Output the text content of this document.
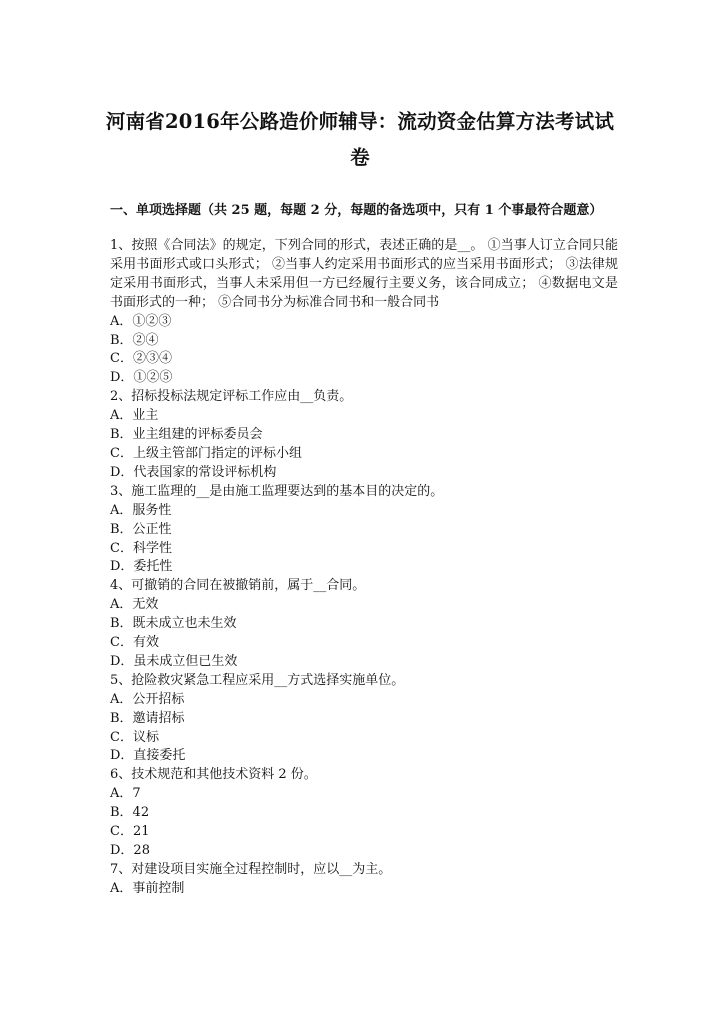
河南省2016年公路造价师辅导：流动资金估算方法考试试
卷
一、单项选择题（共 25 题，每题 2 分，每题的备选项中，只有 1 个事最符合题意）

1、按照《合同法》的规定，下列合同的形式，表述正确的是__。 ①当事人订立合同只能采用书面形式或口头形式； ②当事人约定采用书面形式的应当采用书面形式； ③法律规定采用书面形式，当事人未采用但一方已经履行主要义务，该合同成立； ④数据电文是书面形式的一种； ⑤合同书分为标准合同书和一般合同书

A．①②③

B．②④

C．②③④

D．①②⑤

2、招标投标法规定评标工作应由__负责。

A．业主

B．业主组建的评标委员会

C．上级主管部门指定的评标小组

D．代表国家的常设评标机构

3、施工监理的__是由施工监理要达到的基本目的决定的。

A．服务性

B．公正性

C．科学性

D．委托性

4、可撤销的合同在被撤销前，属于__合同。

A．无效

B．既未成立也未生效

C．有效

D．虽未成立但已生效

5、抢险救灾紧急工程应采用__方式选择实施单位。

A．公开招标

B．邀请招标

C．议标

D．直接委托

6、技术规范和其他技术资料 2 份。

A．7

B．42

C．21

D．28

7、对建设项目实施全过程控制时，应以__为主。

A．事前控制
